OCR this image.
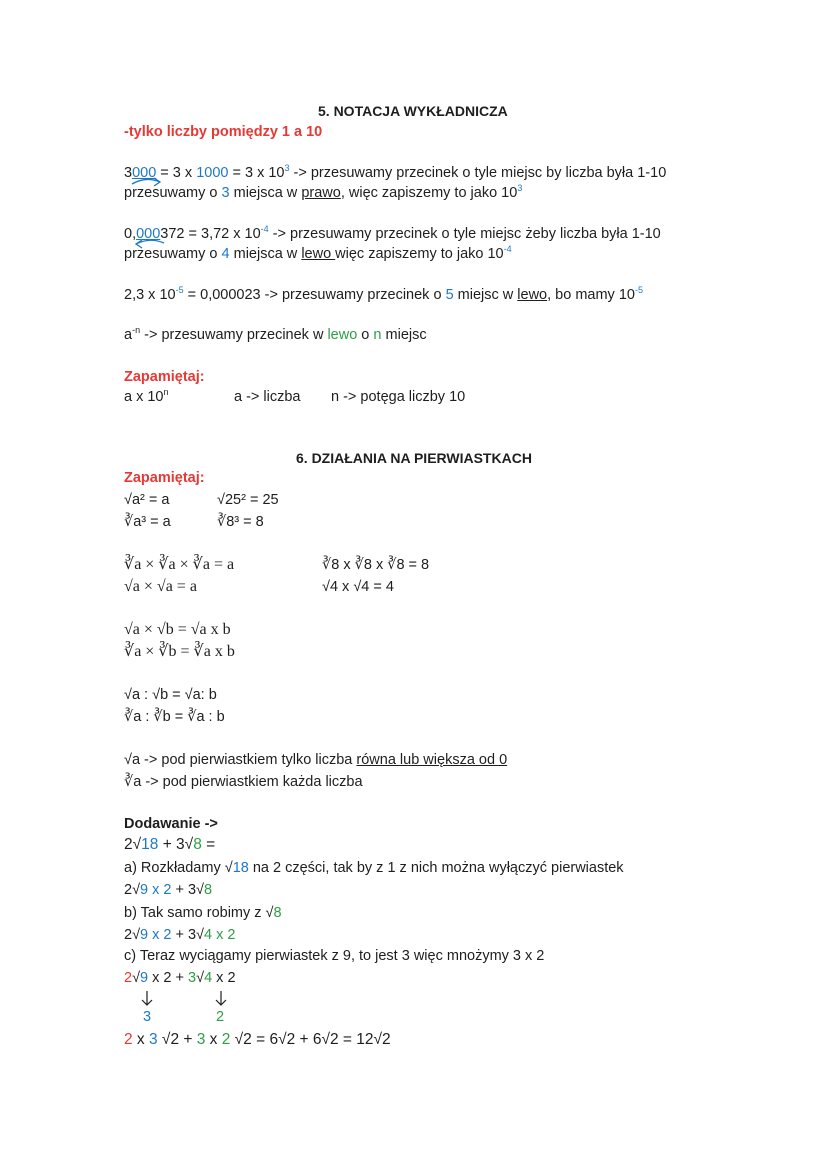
5. NOTACJA WYKŁADNICZA
-tylko liczby pomiędzy 1 a 10
3000 = 3 x 1000 = 3 x $10^3$ -> przesuwamy przecinek o tyle miejsc by liczba była 1-10
przesuwamy o 3 miejsca w prawo, więc zapiszemy to jako $10^3$
0,000372 = 3,72 x $10^{-4}$ -> przesuwamy przecinek o tyle miejsc żeby liczba była 1-10
przesuwamy o 4 miejsca w lewo więc zapiszemy to jako $10^{-4}$
2,3 x $10^{-5} = 0,000023$ -> przesuwamy przecinek o 5 miejsc w lewo, bo mamy $10^{-5}$
$a^{-n}$ -> przesuwamy przecinek w lewo o n miejsc
Zapamiętaj:
a x 10$^n$	a -> liczba n -> potęga liczby 10
6. DZIAŁANIA NA PIERWIASTKACH
Zapamiętaj:
√a² = a	√25² = 25
∛a³ = a	∛8³ = 8
∛a × ∛a × ∛a = a	∛8 x ∛8 x ∛8 = 8
√a × √a = a	√4 x √4 = 4
√a × √b = √a x b
∛a × ∛b = ∛a x b
√a : √b = √a: b
∛a : ∛b = ∛a : b
√a -> pod pierwiastkiem tylko liczba równa lub większa od 0
∛a -> pod pierwiastkiem każda liczba
Dodawanie ->
2√18 + 3√8 =
a) Rozkładamy √18 na 2 części, tak by z 1 z nich można wyłączyć pierwiastek
2√9 x 2 + 3√8
b) Tak samo robimy z √8
2√9 x 2 + 3√4 x 2
c) Teraz wyciągamy pierwiastek z 9, to jest 3 więc mnożymy 3 x 2
2√9 x 2 + 3√4 x 2
3	2
2 x 3 √2 + 3 x 2 √2 = 6√2 + 6√2 = 12√2
